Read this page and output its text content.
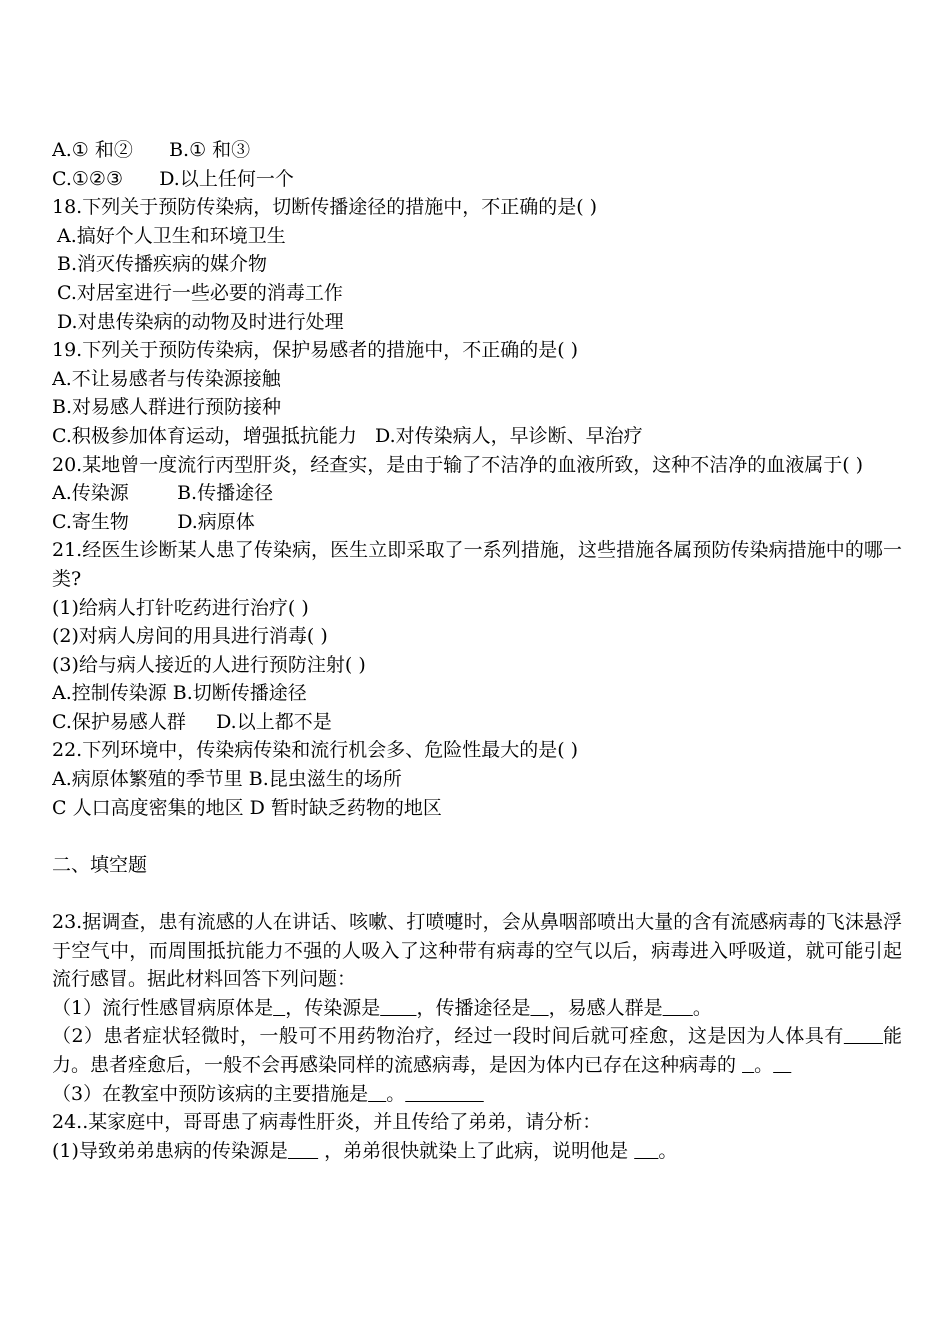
A.① 和②      B.① 和③
C.①②③      D.以上任何一个
18.下列关于预防传染病，切断传播途径的措施中，不正确的是( )
A.搞好个人卫生和环境卫生
B.消灭传播疾病的媒介物
C.对居室进行一些必要的消毒工作
D.对患传染病的动物及时进行处理
19.下列关于预防传染病，保护易感者的措施中，不正确的是( )
A.不让易感者与传染源接触
B.对易感人群进行预防接种
C.积极参加体育运动，增强抵抗能力   D.对传染病人，早诊断、早治疗
20.某地曾一度流行丙型肝炎，经查实，是由于输了不洁净的血液所致，这种不洁净的血液属于( )
A.传染源        B.传播途径
C.寄生物        D.病原体
21.经医生诊断某人患了传染病，医生立即采取了一系列措施，这些措施各属预防传染病措施中的哪一类?
(1)给病人打针吃药进行治疗( )
(2)对病人房间的用具进行消毒( )
(3)给与病人接近的人进行预防注射( )
A.控制传染源 B.切断传播途径
C.保护易感人群     D.以上都不是
22.下列环境中，传染病传染和流行机会多、危险性最大的是( )
A.病原体繁殖的季节里 B.昆虫滋生的场所
C 人口高度密集的地区 D 暂时缺乏药物的地区
二、填空题
23.据调查，患有流感的人在讲话、咳嗽、打喷嚏时，会从鼻咽部喷出大量的含有流感病毒的飞沫悬浮于空气中，而周围抵抗能力不强的人吸入了这种带有病毒的空气以后，病毒进入呼吸道，就可能引起流行感冒。据此材料回答下列问题：
（1）流行性感冒病原体是 ，传染源是 ，传播途径是 ，易感人群是 。
（2）患者症状轻微时，一般可不用药物治疗，经过一段时间后就可痊愈，这是因为人体具有 能力。患者痊愈后，一般不会再感染同样的流感病毒，是因为体内已存在这种病毒的   。
（3）在教室中预防该病的主要措施是 。
24..某家庭中，哥哥患了病毒性肝炎，并且传给了弟弟，请分析：
(1)导致弟弟患病的传染源是      ，弟弟很快就染上了此病，说明他是     。
